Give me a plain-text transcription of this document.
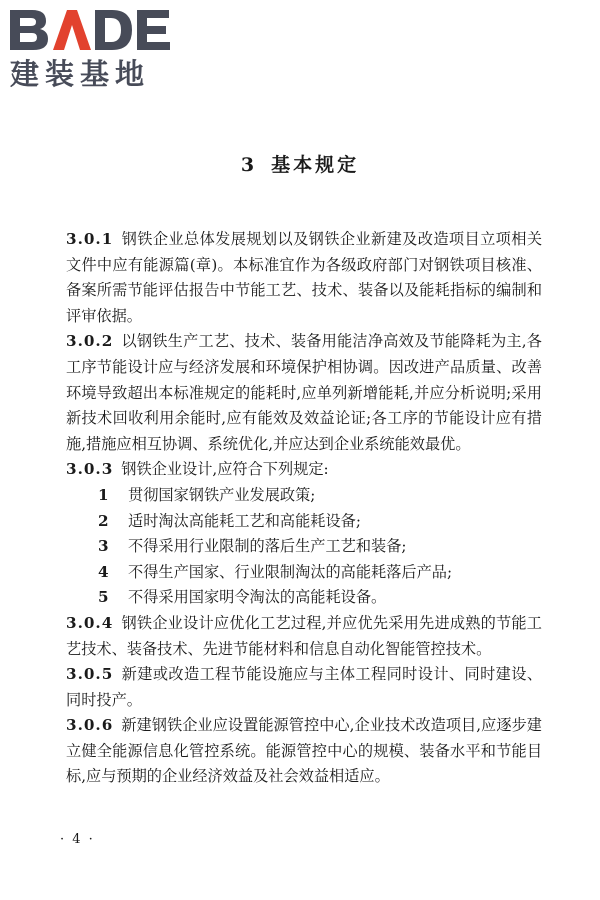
建装基地
3 基本规定
3.0.1 钢铁企业总体发展规划以及钢铁企业新建及改造项目立项相关文件中应有能源篇(章)。本标准宜作为各级政府部门对钢铁项目核准、备案所需节能评估报告中节能工艺、技术、装备以及能耗指标的编制和评审依据。
3.0.2 以钢铁生产工艺、技术、装备用能洁净高效及节能降耗为主,各工序节能设计应与经济发展和环境保护相协调。因改进产品质量、改善环境导致超出本标准规定的能耗时,应单列新增能耗,并应分析说明;采用新技术回收利用余能时,应有能效及效益论证;各工序的节能设计应有措施,措施应相互协调、系统优化,并应达到企业系统能效最优。
3.0.3 钢铁企业设计,应符合下列规定:
1 贯彻国家钢铁产业发展政策;
2 适时淘汰高能耗工艺和高能耗设备;
3 不得采用行业限制的落后生产工艺和装备;
4 不得生产国家、行业限制淘汰的高能耗落后产品;
5 不得采用国家明令淘汰的高能耗设备。
3.0.4 钢铁企业设计应优化工艺过程,并应优先采用先进成熟的节能工艺技术、装备技术、先进节能材料和信息自动化智能管控技术。
3.0.5 新建或改造工程节能设施应与主体工程同时设计、同时建设、同时投产。
3.0.6 新建钢铁企业应设置能源管控中心,企业技术改造项目,应逐步建立健全能源信息化管控系统。能源管控中心的规模、装备水平和节能目标,应与预期的企业经济效益及社会效益相适应。
· 4 ·
